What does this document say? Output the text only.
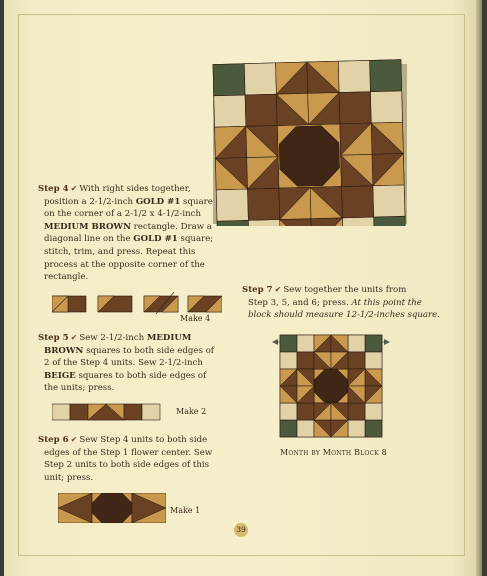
Step 4 ✔ With right sides together,

position a 2-1/2-inch GOLD #1 square

on the corner of a 2-1/2 x 4-1/2-inch

MEDIUM BROWN rectangle. Draw a

diagonal line on the GOLD #1 square;

stitch, trim, and press. Repeat this

process at the opposite corner of the

rectangle.

Make 4

Step 5 ✔ Sew 2-1/2-inch MEDIUM

BROWN squares to both side edges of

2 of the Step 4 units. Sew 2-1/2-inch

BEIGE squares to both side edges of

the units; press.

Make 2

Step 6 ✔ Sew Step 4 units to both side

edges of the Step 1 flower center. Sew

Step 2 units to both side edges of this

unit; press.

Make 1

Step 7 ✔ Sew together the units from

Step 3, 5, and 6; press. At this point the

block should measure 12-1/2-inches square.

Month by Month Block 8
39
